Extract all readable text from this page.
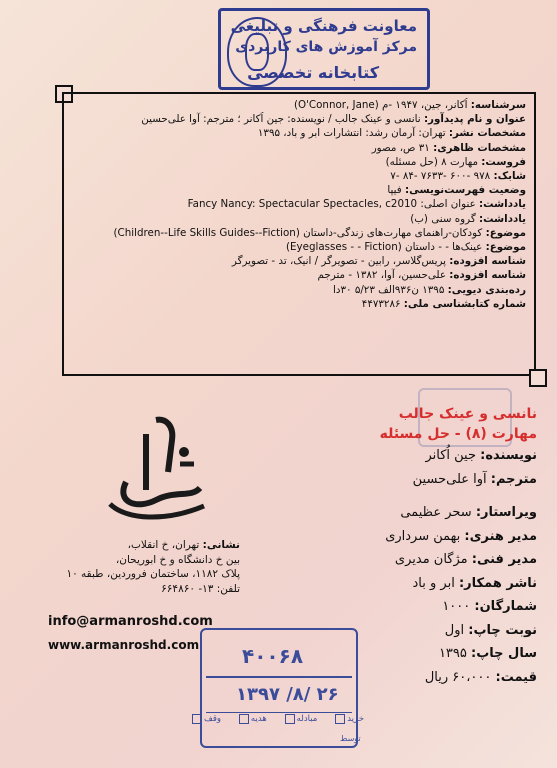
معاونت فرهنگی و تبلیغی
مرکز آموزش های کاربردی
کتابخانه تخصصی
سرشناسه: اُکانر، جین، ۱۹۴۷ -م (O'Connor, Jane)
عنوان و نام پدیدآور: نانسی و عینک جالب / نویسنده: جین اُکانر ؛ مترجم: آوا علی‌حسین
مشخصات نشر: تهران: آرمان رشد: انتشارات ابر و باد، ۱۳۹۵
مشخصات ظاهری: ۳۱ ص، مصور
فروست: مهارت ۸ (حل مسئله)
شابک: ۹۷۸ -۶۰۰ -۷۶۳۳ -۸۴ -۷
وضعیت فهرست‌نویسی: فیپا
یادداشت: عنوان اصلی: Fancy Nancy: Spectacular Spectacles, c2010
یادداشت: گروه سنی (ب)
موضوع: کودکان-راهنمای مهارت‌های زندگی-داستان (Children--Life Skills Guides--Fiction)
موضوع: عینک‌ها - - داستان (Eyeglasses - - Fiction)
شناسه افزوده: پریس‌گلاسر، رابین - تصویرگر / انیک، تد - تصویرگر
شناسه افزوده: علی‌حسین، آوا، ۱۳۸۲ - مترجم
رده‌بندی دیویی: ۱۳۹۵ ن۹۳۶الف ۵/۲۳ ۳۰دا
شماره کتابشناسی ملی: ۴۴۷۳۲۸۶
نانسی و عینک جالب
مهارت (۸) - حل مسئله
نویسنده: جین اُکانر
مترجم: آوا علی‌حسین
ویراستار: سحر عظیمی
مدیر هنری: بهمن سرداری
مدیر فنی: مژگان مدیری
ناشر همکار: ابر و باد
شمارگان: ۱۰۰۰
نوبت چاپ: اول
سال چاپ: ۱۳۹۵
قیمت: ۶۰،۰۰۰ ریال
نشانی: تهران، خ انقلاب،
بین خ دانشگاه و خ ابوریحان،
پلاک ۱۱۸۲، ساختمان فروردین، طبقه ۱۰
تلفن: ۱۳- ۶۶۴۸۶۰
info@armanroshd.com
www.armanroshd.com ۴۰۰۶۸
۱۳۹۷ /۸/ ۲۶
خرید
مبادله
هدیه
وقف
توسط
